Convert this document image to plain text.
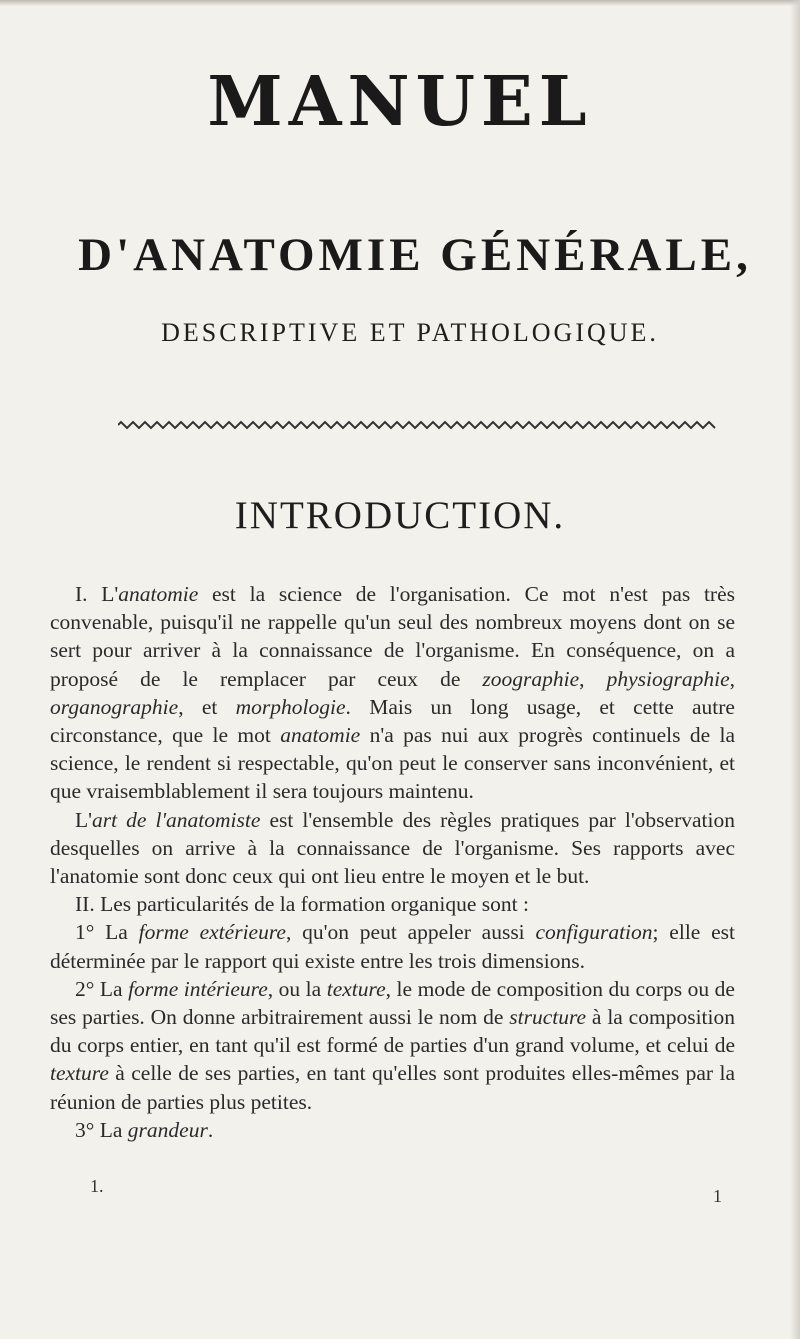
MANUEL
D'ANATOMIE GÉNÉRALE,
DESCRIPTIVE ET PATHOLOGIQUE.
INTRODUCTION.

I. L'anatomie est la science de l'organisation. Ce mot n'est pas très convenable, puisqu'il ne rappelle qu'un seul des nombreux moyens dont on se sert pour arriver à la connaissance de l'organisme. En conséquence, on a proposé de le remplacer par ceux de zoographie, physiographie, organographie, et morphologie. Mais un long usage, et cette autre circonstance, que le mot anatomie n'a pas nui aux progrès continuels de la science, le rendent si respectable, qu'on peut le conserver sans inconvénient, et que vraisemblablement il sera toujours maintenu.

L'art de l'anatomiste est l'ensemble des règles pratiques par l'observation desquelles on arrive à la connaissance de l'organisme. Ses rapports avec l'anatomie sont donc ceux qui ont lieu entre le moyen et le but.

II. Les particularités de la formation organique sont :

1° La forme extérieure, qu'on peut appeler aussi configuration; elle est déterminée par le rapport qui existe entre les trois dimensions.

2° La forme intérieure, ou la texture, le mode de composition du corps ou de ses parties. On donne arbitrairement aussi le nom de structure à la composition du corps entier, en tant qu'il est formé de parties d'un grand volume, et celui de texture à celle de ses parties, en tant qu'elles sont produites elles-mêmes par la réunion de parties plus petites.

3° La grandeur.

1.	1
